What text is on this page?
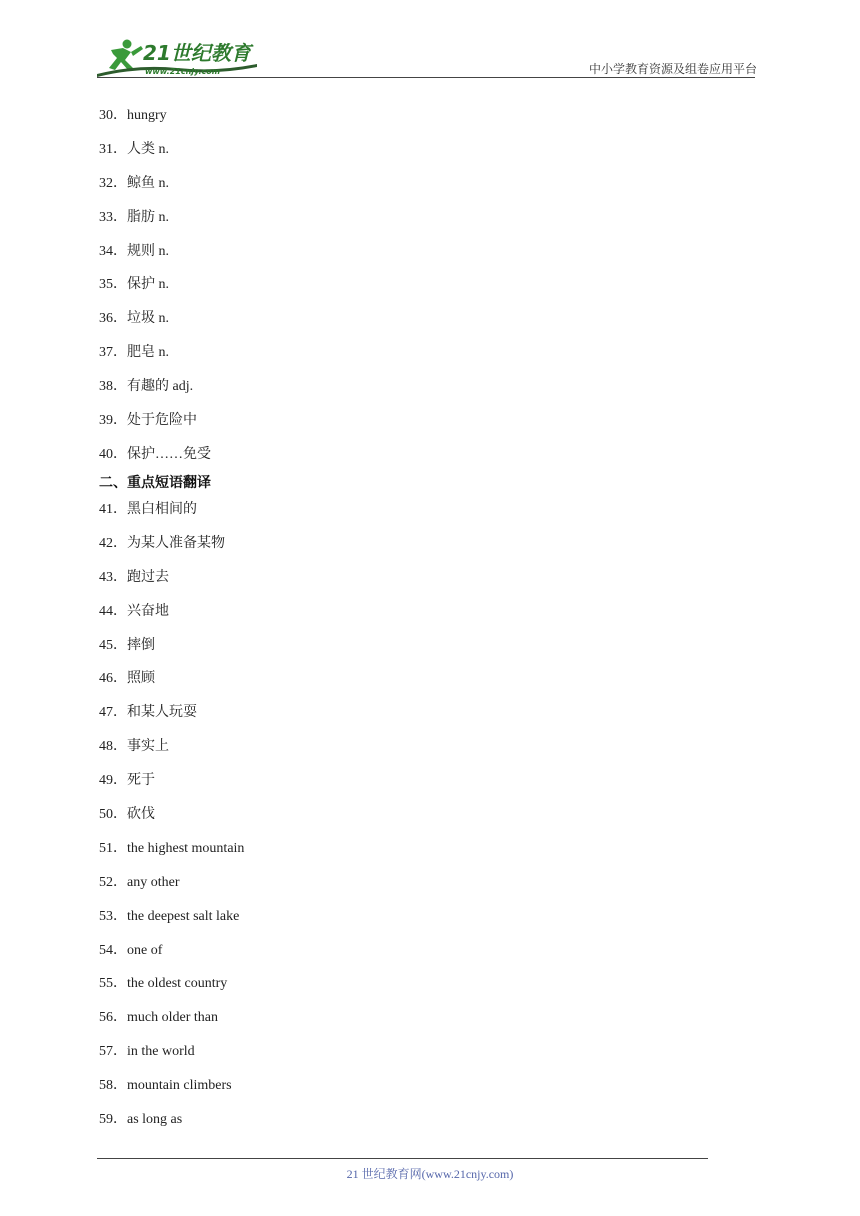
21世纪教育
www.21cnjy.com	中小学教育资源及组卷应用平台
30．hungry
31．人类 n.
32．鲸鱼 n.
33．脂肪 n.
34．规则 n.
35．保护 n.
36．垃圾 n.
37．肥皂 n.
38．有趣的 adj.
39．处于危险中
40．保护……免受
二、重点短语翻译
41．黑白相间的
42．为某人准备某物
43．跑过去
44．兴奋地
45．摔倒
46．照顾
47．和某人玩耍
48．事实上
49．死于
50．砍伐
51．the highest mountain
52．any other
53．the deepest salt lake
54．one of
55．the oldest country
56．much older than
57．in the world
58．mountain climbers
59．as long as
21 世纪教育网(www.21cnjy.com)
